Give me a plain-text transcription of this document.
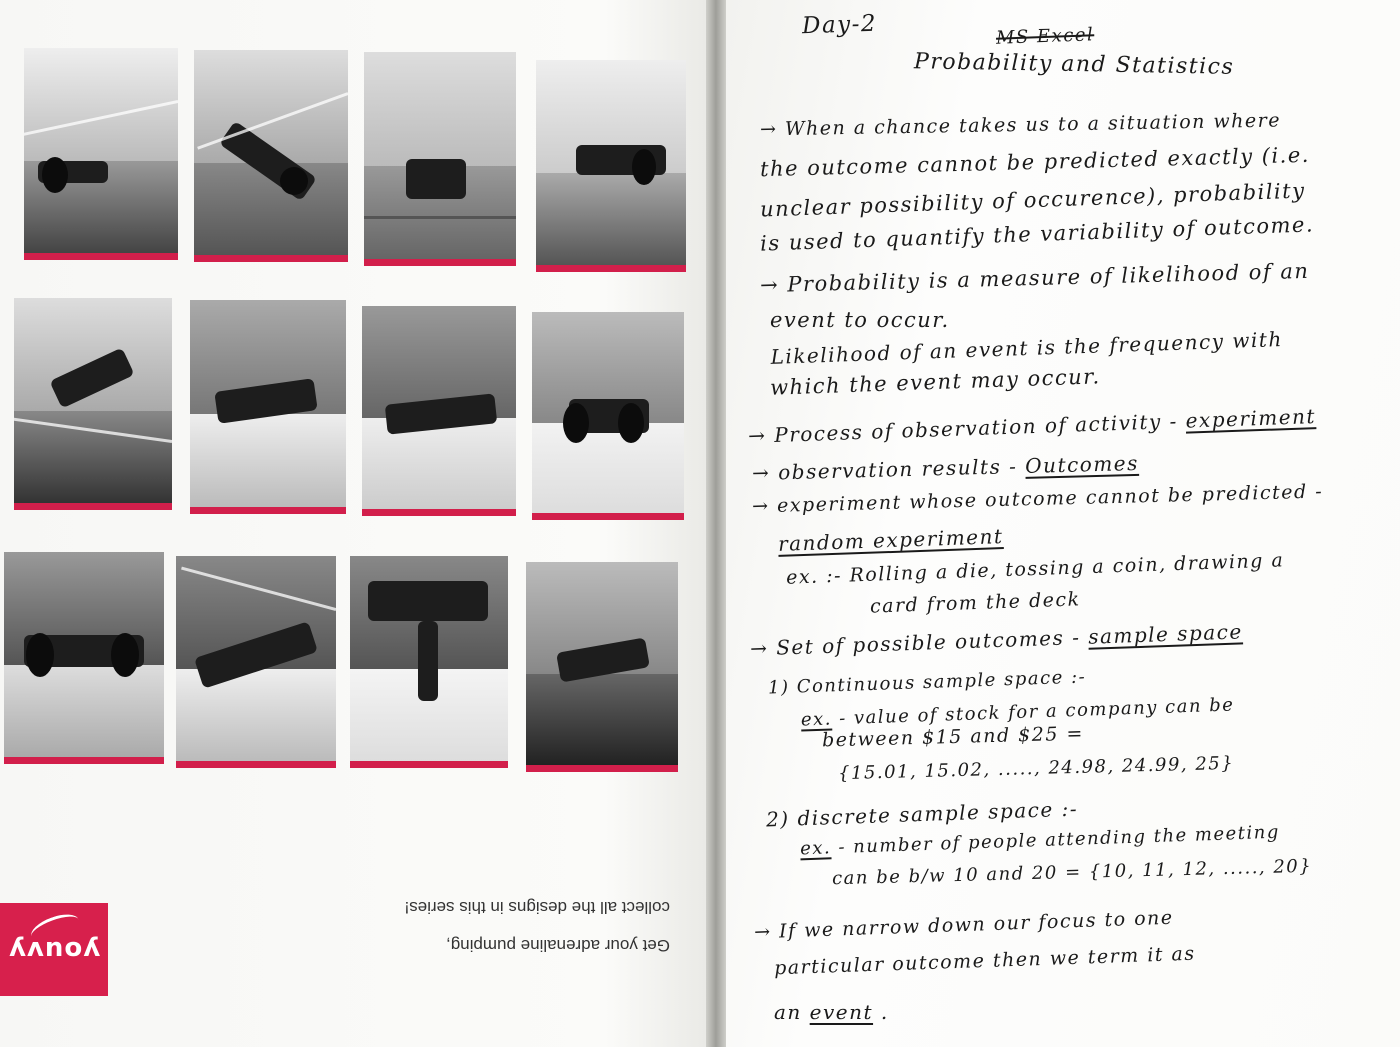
collect all the designs in this series!
Get your adrenaline pumping,
youvy
Day-2	MS Excel
Probability and Statistics
→ When a chance takes us to a situation where
the outcome cannot be predicted exactly (i.e.
unclear possibility of occurence), probability
is used to quantify the variability of outcome.
→ Probability is a measure of likelihood of an
event to occur.
Likelihood of an event is the frequency with
which the event may occur.
→ Process of observation of activity - experiment
→ observation results - Outcomes
→ experiment whose outcome cannot be predicted -
random experiment
ex. :- Rolling a die, tossing a coin, drawing a
card from the deck
→ Set of possible outcomes - sample space
1) Continuous sample space :-
ex. - value of stock for a company can be
between $15 and $25 =
{15.01, 15.02, ....., 24.98, 24.99, 25}
2) discrete sample space :-
ex. - number of people attending the meeting
can be b/w 10 and 20 = {10, 11, 12, ....., 20}
→ If we narrow down our focus to one
particular outcome then we term it as
an event .
